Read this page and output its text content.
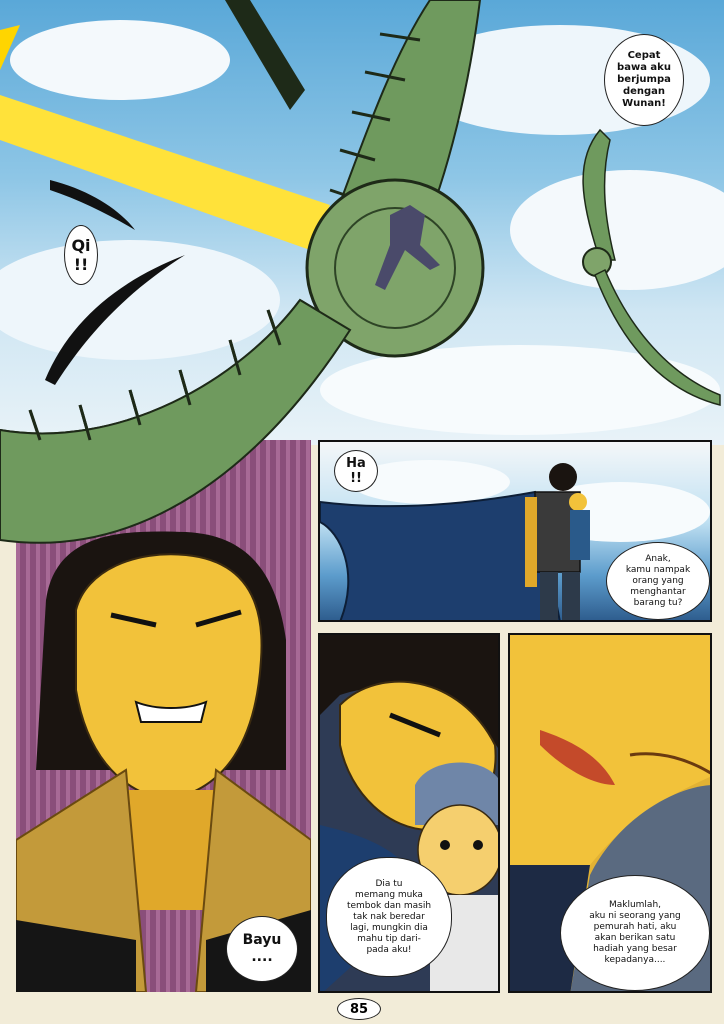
Qi
!!
Cepat
bawa aku
berjumpa
dengan
Wunan!
Bayu
....
Ha
!!
Anak,
kamu nampak
orang yang
menghantar
barang tu?
Dia tu
memang muka
tembok dan masih
tak nak beredar
lagi, mungkin dia
mahu tip dari-
pada aku!
Maklumlah,
aku ni seorang yang
pemurah hati, aku
akan berikan satu
hadiah yang besar
kepadanya....
85
